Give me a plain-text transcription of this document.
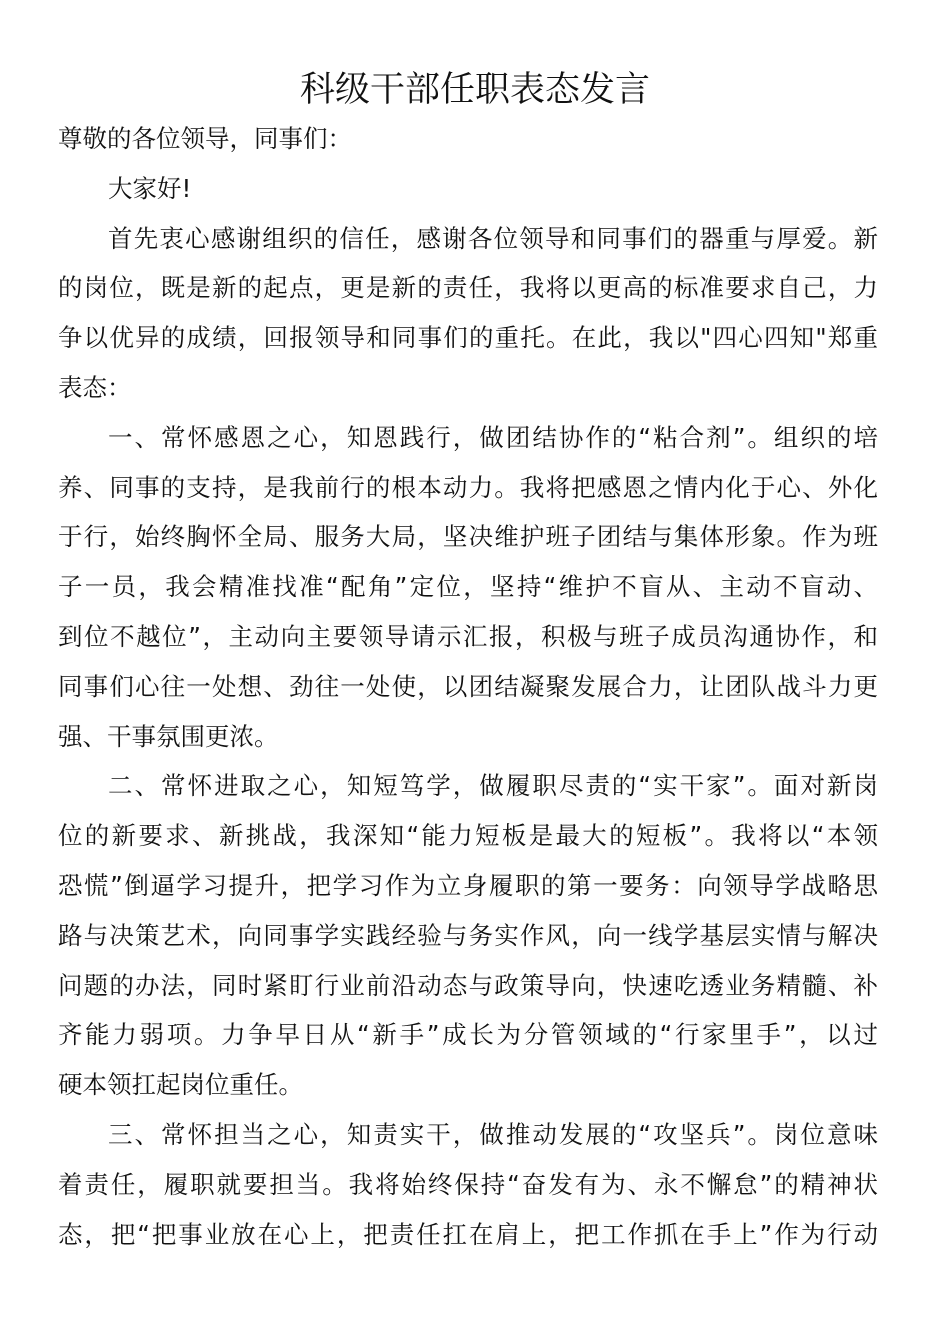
科级干部任职表态发言
尊敬的各位领导，同事们：
大家好!
首先衷心感谢组织的信任，感谢各位领导和同事们的器重与厚爱。新
的岗位，既是新的起点，更是新的责任，我将以更高的标准要求自己，力
争以优异的成绩，回报领导和同事们的重托。在此，我以"四心四知"郑重
表态：
一、常怀感恩之心，知恩践行，做团结协作的“粘合剂”。组织的培
养、同事的支持，是我前行的根本动力。我将把感恩之情内化于心、外化
于行，始终胸怀全局、服务大局，坚决维护班子团结与集体形象。作为班
子一员，我会精准找准“配角”定位，坚持“维护不盲从、主动不盲动、
到位不越位”，主动向主要领导请示汇报，积极与班子成员沟通协作，和
同事们心往一处想、劲往一处使，以团结凝聚发展合力，让团队战斗力更
强、干事氛围更浓。
二、常怀进取之心，知短笃学，做履职尽责的“实干家”。面对新岗
位的新要求、新挑战，我深知“能力短板是最大的短板”。我将以“本领
恐慌”倒逼学习提升，把学习作为立身履职的第一要务：向领导学战略思
路与决策艺术，向同事学实践经验与务实作风，向一线学基层实情与解决
问题的办法，同时紧盯行业前沿动态与政策导向，快速吃透业务精髓、补
齐能力弱项。力争早日从“新手”成长为分管领域的“行家里手”，以过
硬本领扛起岗位重任。
三、常怀担当之心，知责实干，做推动发展的“攻坚兵”。岗位意味
着责任，履职就要担当。我将始终保持“奋发有为、永不懈怠”的精神状
态，把“把事业放在心上，把责任扛在肩上，把工作抓在手上”作为行动
